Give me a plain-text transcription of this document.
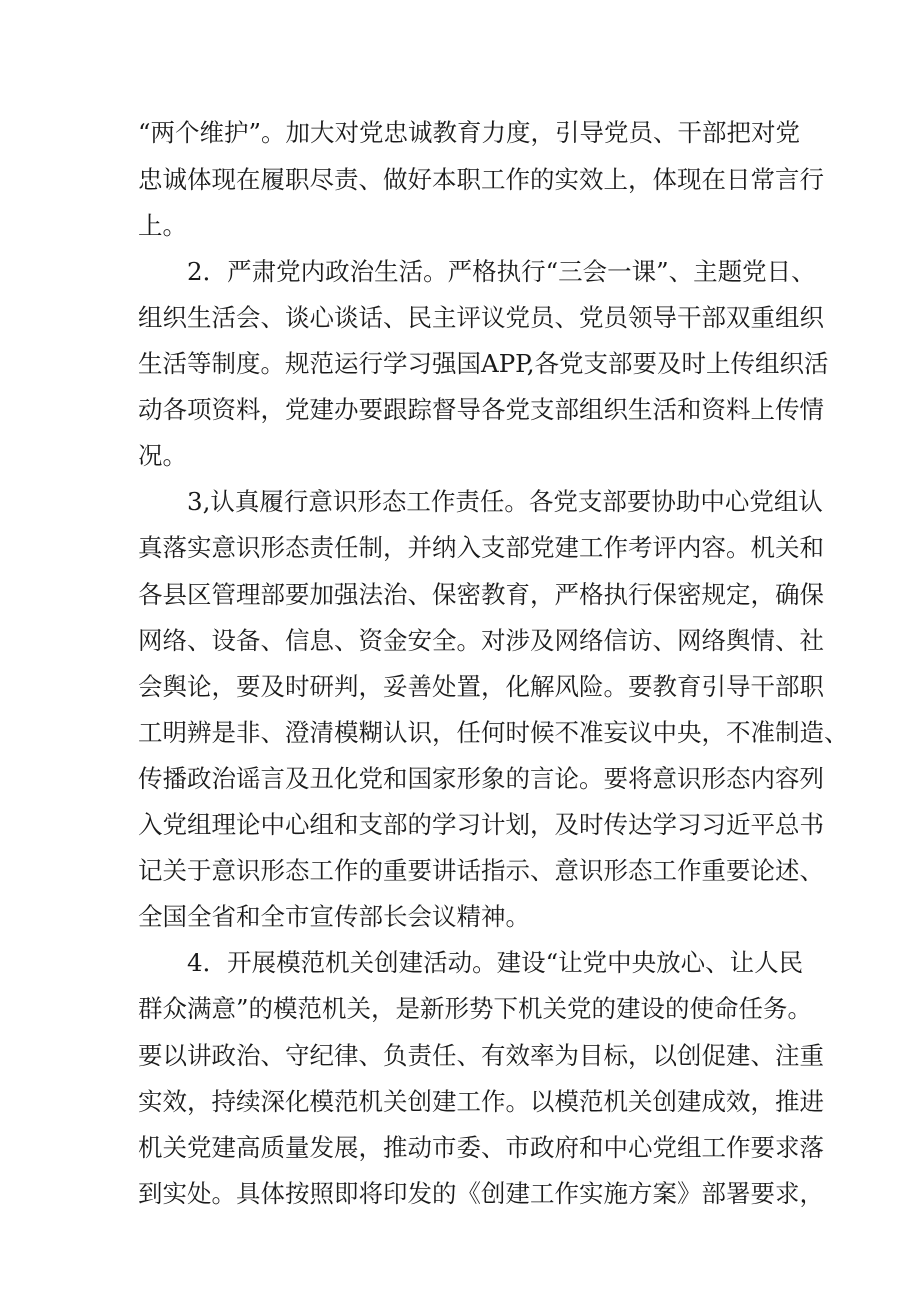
“两个维护”。加大对党忠诚教育力度，引导党员、干部把对党

忠诚体现在履职尽责、做好本职工作的实效上，体现在日常言行

上。

2．严肃党内政治生活。严格执行“三会一课”、主题党日、

组织生活会、谈心谈话、民主评议党员、党员领导干部双重组织

生活等制度。规范运行学习强国APP,各党支部要及时上传组织活

动各项资料，党建办要跟踪督导各党支部组织生活和资料上传情

况。

3,认真履行意识形态工作责任。各党支部要协助中心党组认

真落实意识形态责任制，并纳入支部党建工作考评内容。机关和

各县区管理部要加强法治、保密教育，严格执行保密规定，确保

网络、设备、信息、资金安全。对涉及网络信访、网络舆情、社

会舆论，要及时研判，妥善处置，化解风险。要教育引导干部职

工明辨是非、澄清模糊认识，任何时候不准妄议中央，不准制造、

传播政治谣言及丑化党和国家形象的言论。要将意识形态内容列

入党组理论中心组和支部的学习计划，及时传达学习习近平总书

记关于意识形态工作的重要讲话指示、意识形态工作重要论述、

全国全省和全市宣传部长会议精神。

4．开展模范机关创建活动。建设“让党中央放心、让人民

群众满意”的模范机关，是新形势下机关党的建设的使命任务。

要以讲政治、守纪律、负责任、有效率为目标，以创促建、注重

实效，持续深化模范机关创建工作。以模范机关创建成效，推进

机关党建高质量发展，推动市委、市政府和中心党组工作要求落

到实处。具体按照即将印发的《创建工作实施方案》部署要求，
